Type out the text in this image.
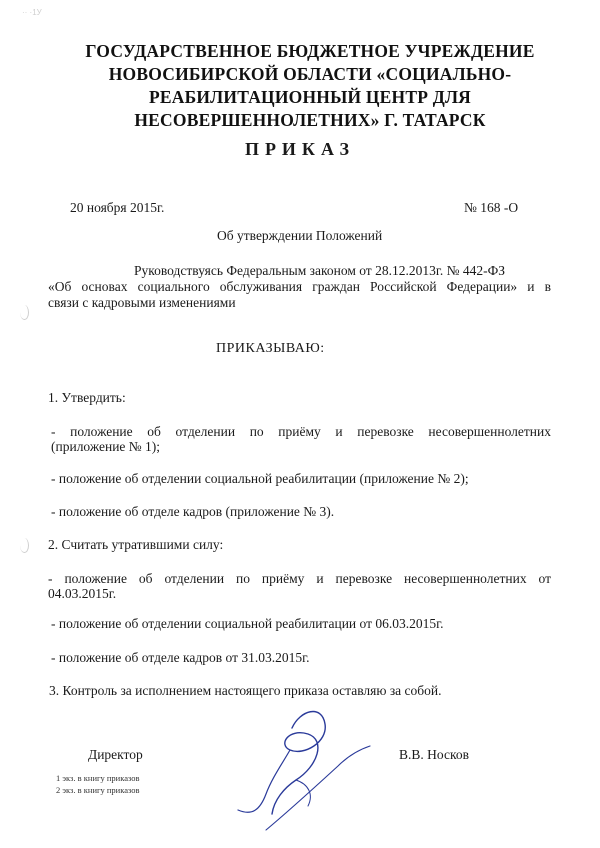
·· ·1У
ГОСУДАРСТВЕННОЕ БЮДЖЕТНОЕ УЧРЕЖДЕНИЕ
НОВОСИБИРСКОЙ ОБЛАСТИ «СОЦИАЛЬНО-
РЕАБИЛИТАЦИОННЫЙ ЦЕНТР ДЛЯ
НЕСОВЕРШЕННОЛЕТНИХ» Г. ТАТАРСК
ПРИКАЗ
20 ноября 2015г.	№ 168 -О
Об утверждении Положений
Руководствуясь Федеральным законом от 28.12.2013г. № 442-ФЗ
«Об основах социального обслуживания граждан Российской Федерации» и в
связи с кадровыми изменениями
ПРИКАЗЫВАЮ:
1. Утвердить:
- положение об отделении по приёму и перевозке несовершеннолетних
(приложение № 1);
- положение об отделении социальной реабилитации (приложение № 2);
- положение об отделе кадров (приложение № 3).
2. Считать утратившими силу:
- положение об отделении по приёму и перевозке несовершеннолетних от
04.03.2015г.
- положение об отделении социальной реабилитации от 06.03.2015г.
- положение об отделе кадров от 31.03.2015г.
3. Контроль за исполнением настоящего приказа оставляю за собой.
Директор	В.В. Носков
1 экз. в книгу приказов
2 экз. в книгу приказов
